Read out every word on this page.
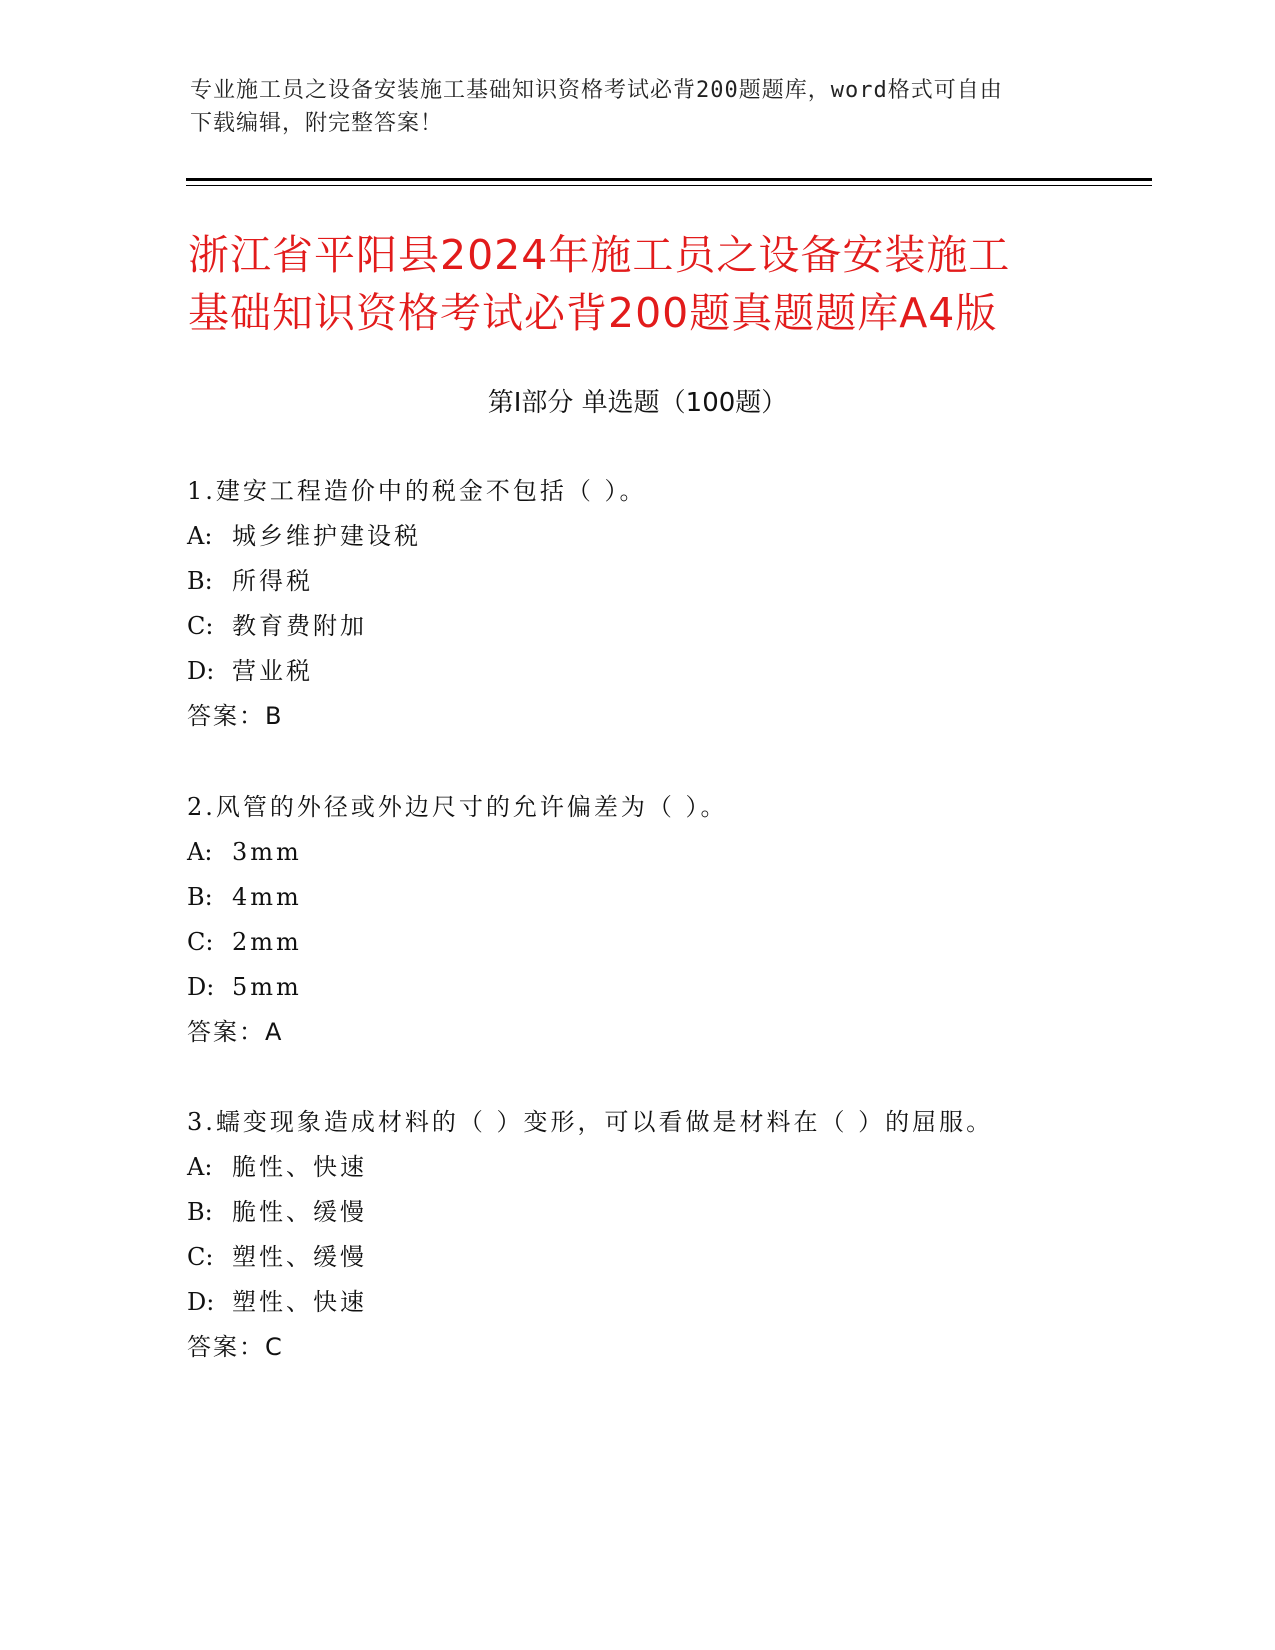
专业施工员之设备安装施工基础知识资格考试必背200题题库，word格式可自由
下载编辑，附完整答案！
浙江省平阳县2024年施工员之设备安装施工
基础知识资格考试必背200题真题题库A4版
第Ⅰ部分 单选题（100题）
1.建安工程造价中的税金不包括（ ）。
A: 城乡维护建设税
B: 所得税
C: 教育费附加
D: 营业税
答案：B
2.风管的外径或外边尺寸的允许偏差为（ ）。
A: 3mm
B: 4mm
C: 2mm
D: 5mm
答案：A
3.蠕变现象造成材料的（ ）变形，可以看做是材料在（ ）的屈服。
A: 脆性、快速
B: 脆性、缓慢
C: 塑性、缓慢
D: 塑性、快速
答案：C
